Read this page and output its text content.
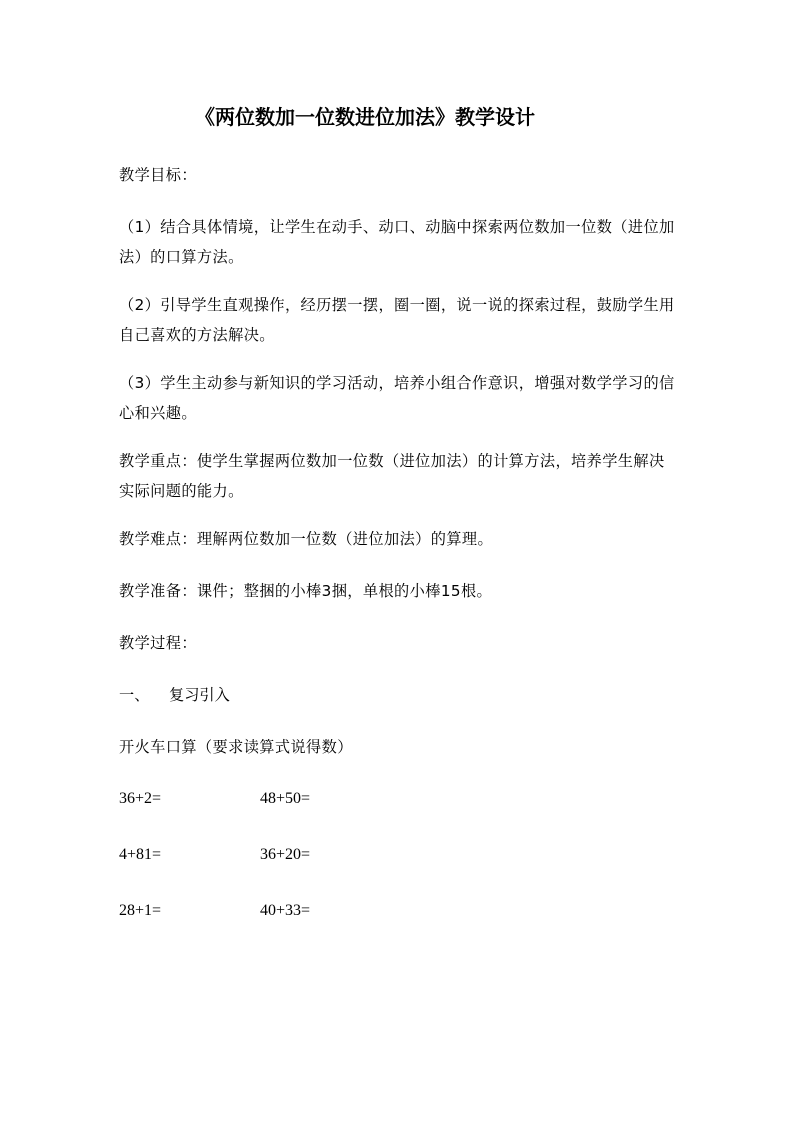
《两位数加一位数进位加法》教学设计

教学目标：

（1）结合具体情境，让学生在动手、动口、动脑中探索两位数加一位数（进位加法）的口算方法。

（2）引导学生直观操作，经历摆一摆，圈一圈，说一说的探索过程，鼓励学生用自己喜欢的方法解决。

（3）学生主动参与新知识的学习活动，培养小组合作意识，增强对数学学习的信心和兴趣。

教学重点：使学生掌握两位数加一位数（进位加法）的计算方法，培养学生解决实际问题的能力。

教学难点：理解两位数加一位数（进位加法）的算理。

教学准备：课件；整捆的小棒3捆，单根的小棒15根。

教学过程：

一、 复习引入

开火车口算（要求读算式说得数）

36+2=	48+50=
4+81=	36+20=
28+1=	40+33=
